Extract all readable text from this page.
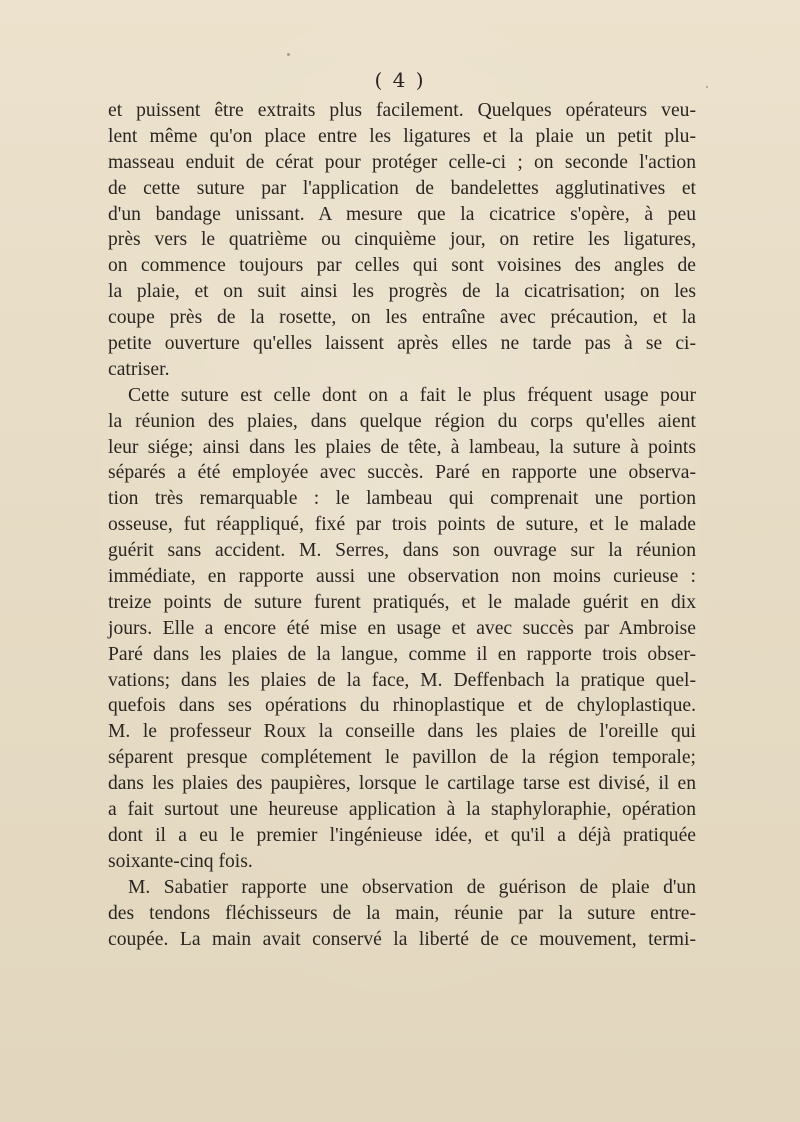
( 4 )
et puissent être extraits plus facilement. Quelques opérateurs veu-
lent même qu'on place entre les ligatures et la plaie un petit plu-
masseau enduit de cérat pour protéger celle-ci ; on seconde l'action
de cette suture par l'application de bandelettes agglutinatives et
d'un bandage unissant. A mesure que la cicatrice s'opère, à peu
près vers le quatrième ou cinquième jour, on retire les ligatures,
on commence toujours par celles qui sont voisines des angles de
la plaie, et on suit ainsi les progrès de la cicatrisation; on les
coupe près de la rosette, on les entraîne avec précaution, et la
petite ouverture qu'elles laissent après elles ne tarde pas à se ci-
catriser.
Cette suture est celle dont on a fait le plus fréquent usage pour
la réunion des plaies, dans quelque région du corps qu'elles aient
leur siége; ainsi dans les plaies de tête, à lambeau, la suture à points
séparés a été employée avec succès. Paré en rapporte une observa-
tion très remarquable : le lambeau qui comprenait une portion
osseuse, fut réappliqué, fixé par trois points de suture, et le malade
guérit sans accident. M. Serres, dans son ouvrage sur la réunion
immédiate, en rapporte aussi une observation non moins curieuse :
treize points de suture furent pratiqués, et le malade guérit en dix
jours. Elle a encore été mise en usage et avec succès par Ambroise
Paré dans les plaies de la langue, comme il en rapporte trois obser-
vations; dans les plaies de la face, M. Deffenbach la pratique quel-
quefois dans ses opérations du rhinoplastique et de chyloplastique.
M. le professeur Roux la conseille dans les plaies de l'oreille qui
séparent presque complétement le pavillon de la région temporale;
dans les plaies des paupières, lorsque le cartilage tarse est divisé, il en
a fait surtout une heureuse application à la staphylorаphie, opération
dont il a eu le premier l'ingénieuse idée, et qu'il a déjà pratiquée
soixante-cinq fois.
M. Sabatier rapporte une observation de guérison de plaie d'un
des tendons fléchisseurs de la main, réunie par la suture entre-
coupée. La main avait conservé la liberté de ce mouvement, termi-
